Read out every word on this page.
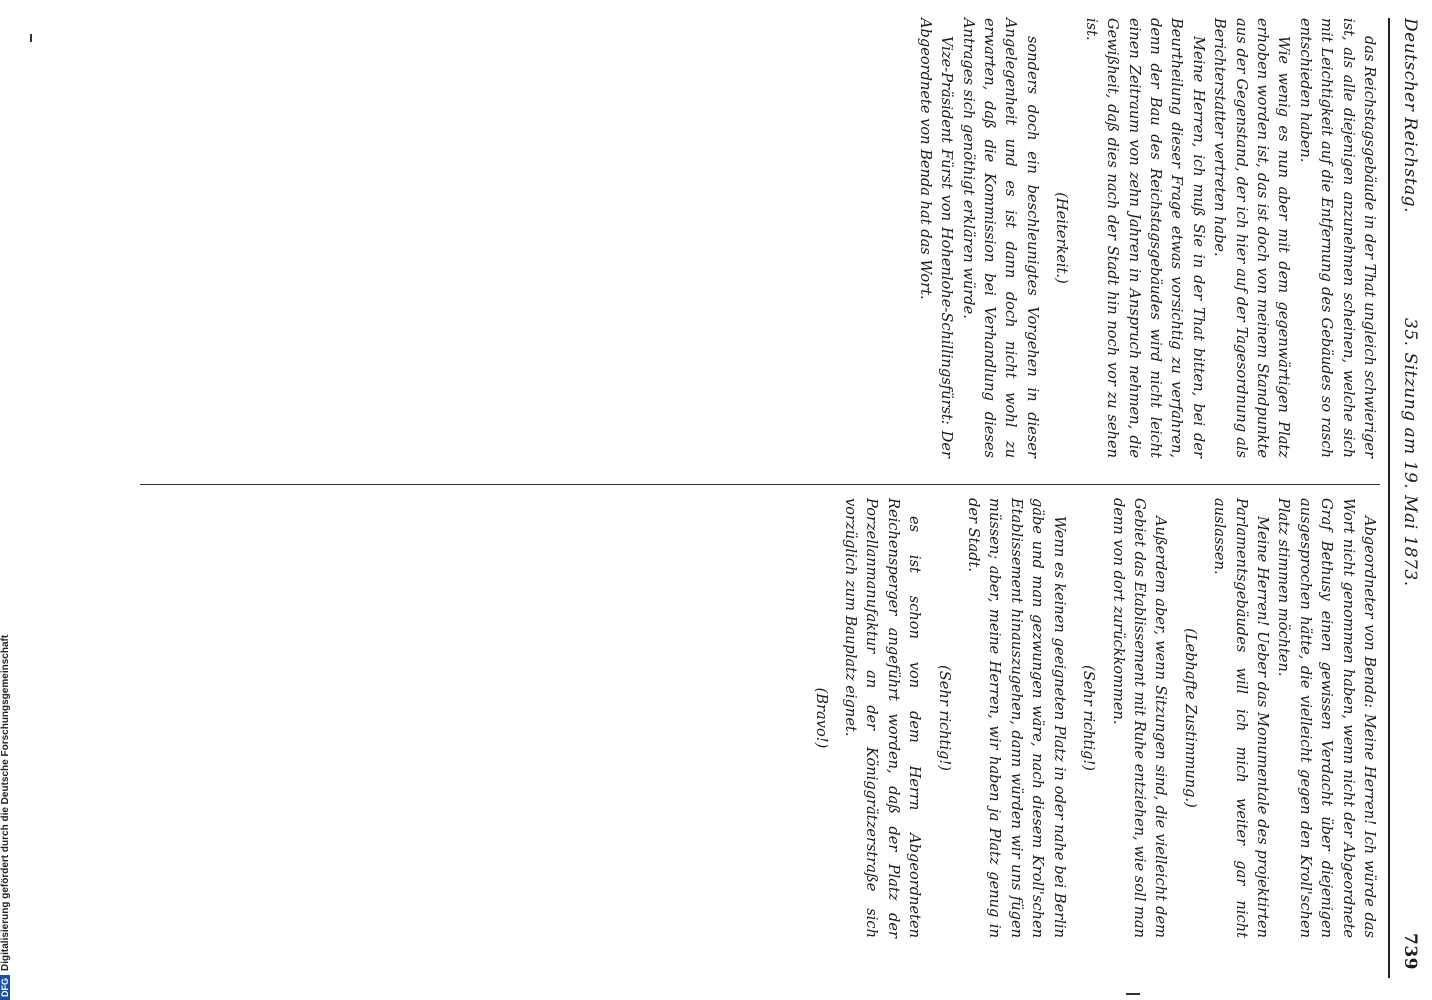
DFGDigitalisierung gefördert durch die Deutsche Forschungsgemeinschaft
Deutscher Reichstag.
35. Sitzung am 19. Mai 1873.
739

das Reichstagsgebäude in der That ungleich schwieriger ist, als alle diejenigen anzunehmen scheinen, welche sich mit Leichtigkeit auf die Entfernung des Gebäudes so rasch entschieden haben.

Wie wenig es nun aber mit dem gegenwärtigen Platz erhoben worden ist, das ist doch von meinem Standpunkte aus der Gegenstand, der ich hier auf der Tagesordnung als Berichterstatter vertreten habe.

Meine Herren, ich muß Sie in der That bitten, bei der Beurtheilung dieser Frage etwas vorsichtig zu verfahren, denn der Bau des Reichstagsgebäudes wird nicht leicht einen Zeitraum von zehn Jahren in Anspruch nehmen, die Gewißheit, daß dies nach der Stadt hin noch vor zu sehen ist.

(Heiterkeit.)

sonders doch ein beschleunigtes Vorgehen in dieser Angelegenheit und es ist dann doch nicht wohl zu erwarten, daß die Kommission bei Verhandlung dieses Antrages sich genöthigt erklären würde.

Vize-Präsident Fürst von Hohenlohe-Schillingsfürst: Der Abgeordnete von Benda hat das Wort.

Abgeordneter von Benda: Meine Herren! Ich würde das Wort nicht genommen haben, wenn nicht der Abgeordnete Graf Bethusy einen gewissen Verdacht über diejenigen ausgesprochen hätte, die vielleicht gegen den Kroll'schen Platz stimmen möchten.

Meine Herren! Ueber das Monumentale des projektirten Parlamentsgebäudes will ich mich weiter gar nicht auslassen.

(Lebhafte Zustimmung.)

Außerdem aber, wenn Sitzungen sind, die vielleicht dem Gebiet das Etablissement mit Ruhe entziehen, wie soll man denn von dort zurückkommen.

(Sehr richtig!)

Wenn es keinen geeigneten Platz in oder nahe bei Berlin gäbe und man gezwungen wäre, nach diesem Kroll'schen Etablissement hinauszugehen, dann würden wir uns fügen müssen; aber, meine Herren, wir haben ja Platz genug in der Stadt.

(Sehr richtig!)

es ist schon von dem Herrn Abgeordneten Reichensperger angeführt worden, daß der Platz der Porzellanmanufaktur an der Königgrätzerstraße sich vorzüglich zum Bauplatz eignet.

(Bravo!)
